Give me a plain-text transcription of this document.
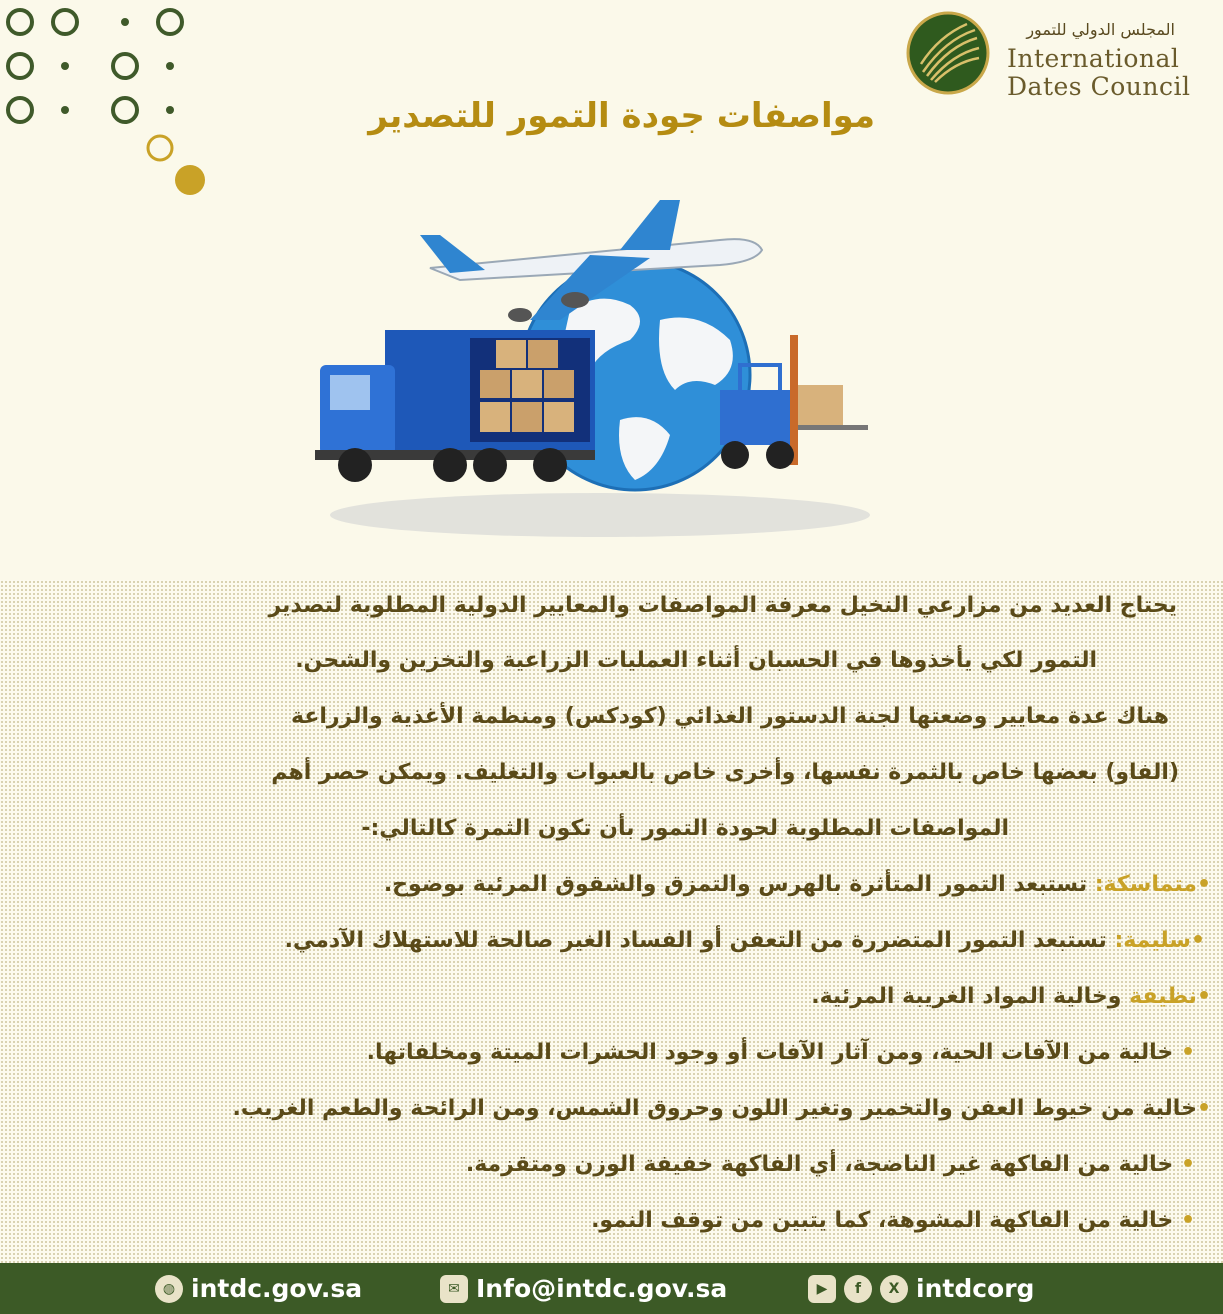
المجلس الدولي للتمور
International
Dates Council
مواصفات جودة التمور للتصدير
يحتاج العديد من مزارعي النخيل معرفة المواصفات والمعايير الدولية المطلوبة لتصدير
التمور لكي يأخذوها في الحسبان أثناء العمليات الزراعية والتخزين والشحن.
هناك عدة معايير وضعتها لجنة الدستور الغذائي (كودكس) ومنظمة الأغذية والزراعة
(الفاو) بعضها خاص بالثمرة نفسها، وأخرى خاص بالعبوات والتغليف. ويمكن حصر أهم
المواصفات المطلوبة لجودة التمور بأن تكون الثمرة كالتالي:-
•متماسكة: تستبعد التمور المتأثرة بالهرس والتمزق والشقوق المرئية بوضوح.
•سليمة: تستبعد التمور المتضررة من التعفن أو الفساد الغير صالحة للاستهلاك الآدمي.
•نظيفة وخالية المواد الغريبة المرئية.
• خالية من الآفات الحية، ومن آثار الآفات أو وجود الحشرات الميتة ومخلفاتها.
•خالية من خيوط العفن والتخمير وتغير اللون وحروق الشمس، ومن الرائحة والطعم الغريب.
• خالية من الفاكهة غير الناضجة، أي الفاكهة خفيفة الوزن ومتقزمة.
• خالية من الفاكهة المشوهة، كما يتبين من توقف النمو.
◍ intdc.gov.sa	✉ Info@intdc.gov.sa	▶	f	X intdcorg
